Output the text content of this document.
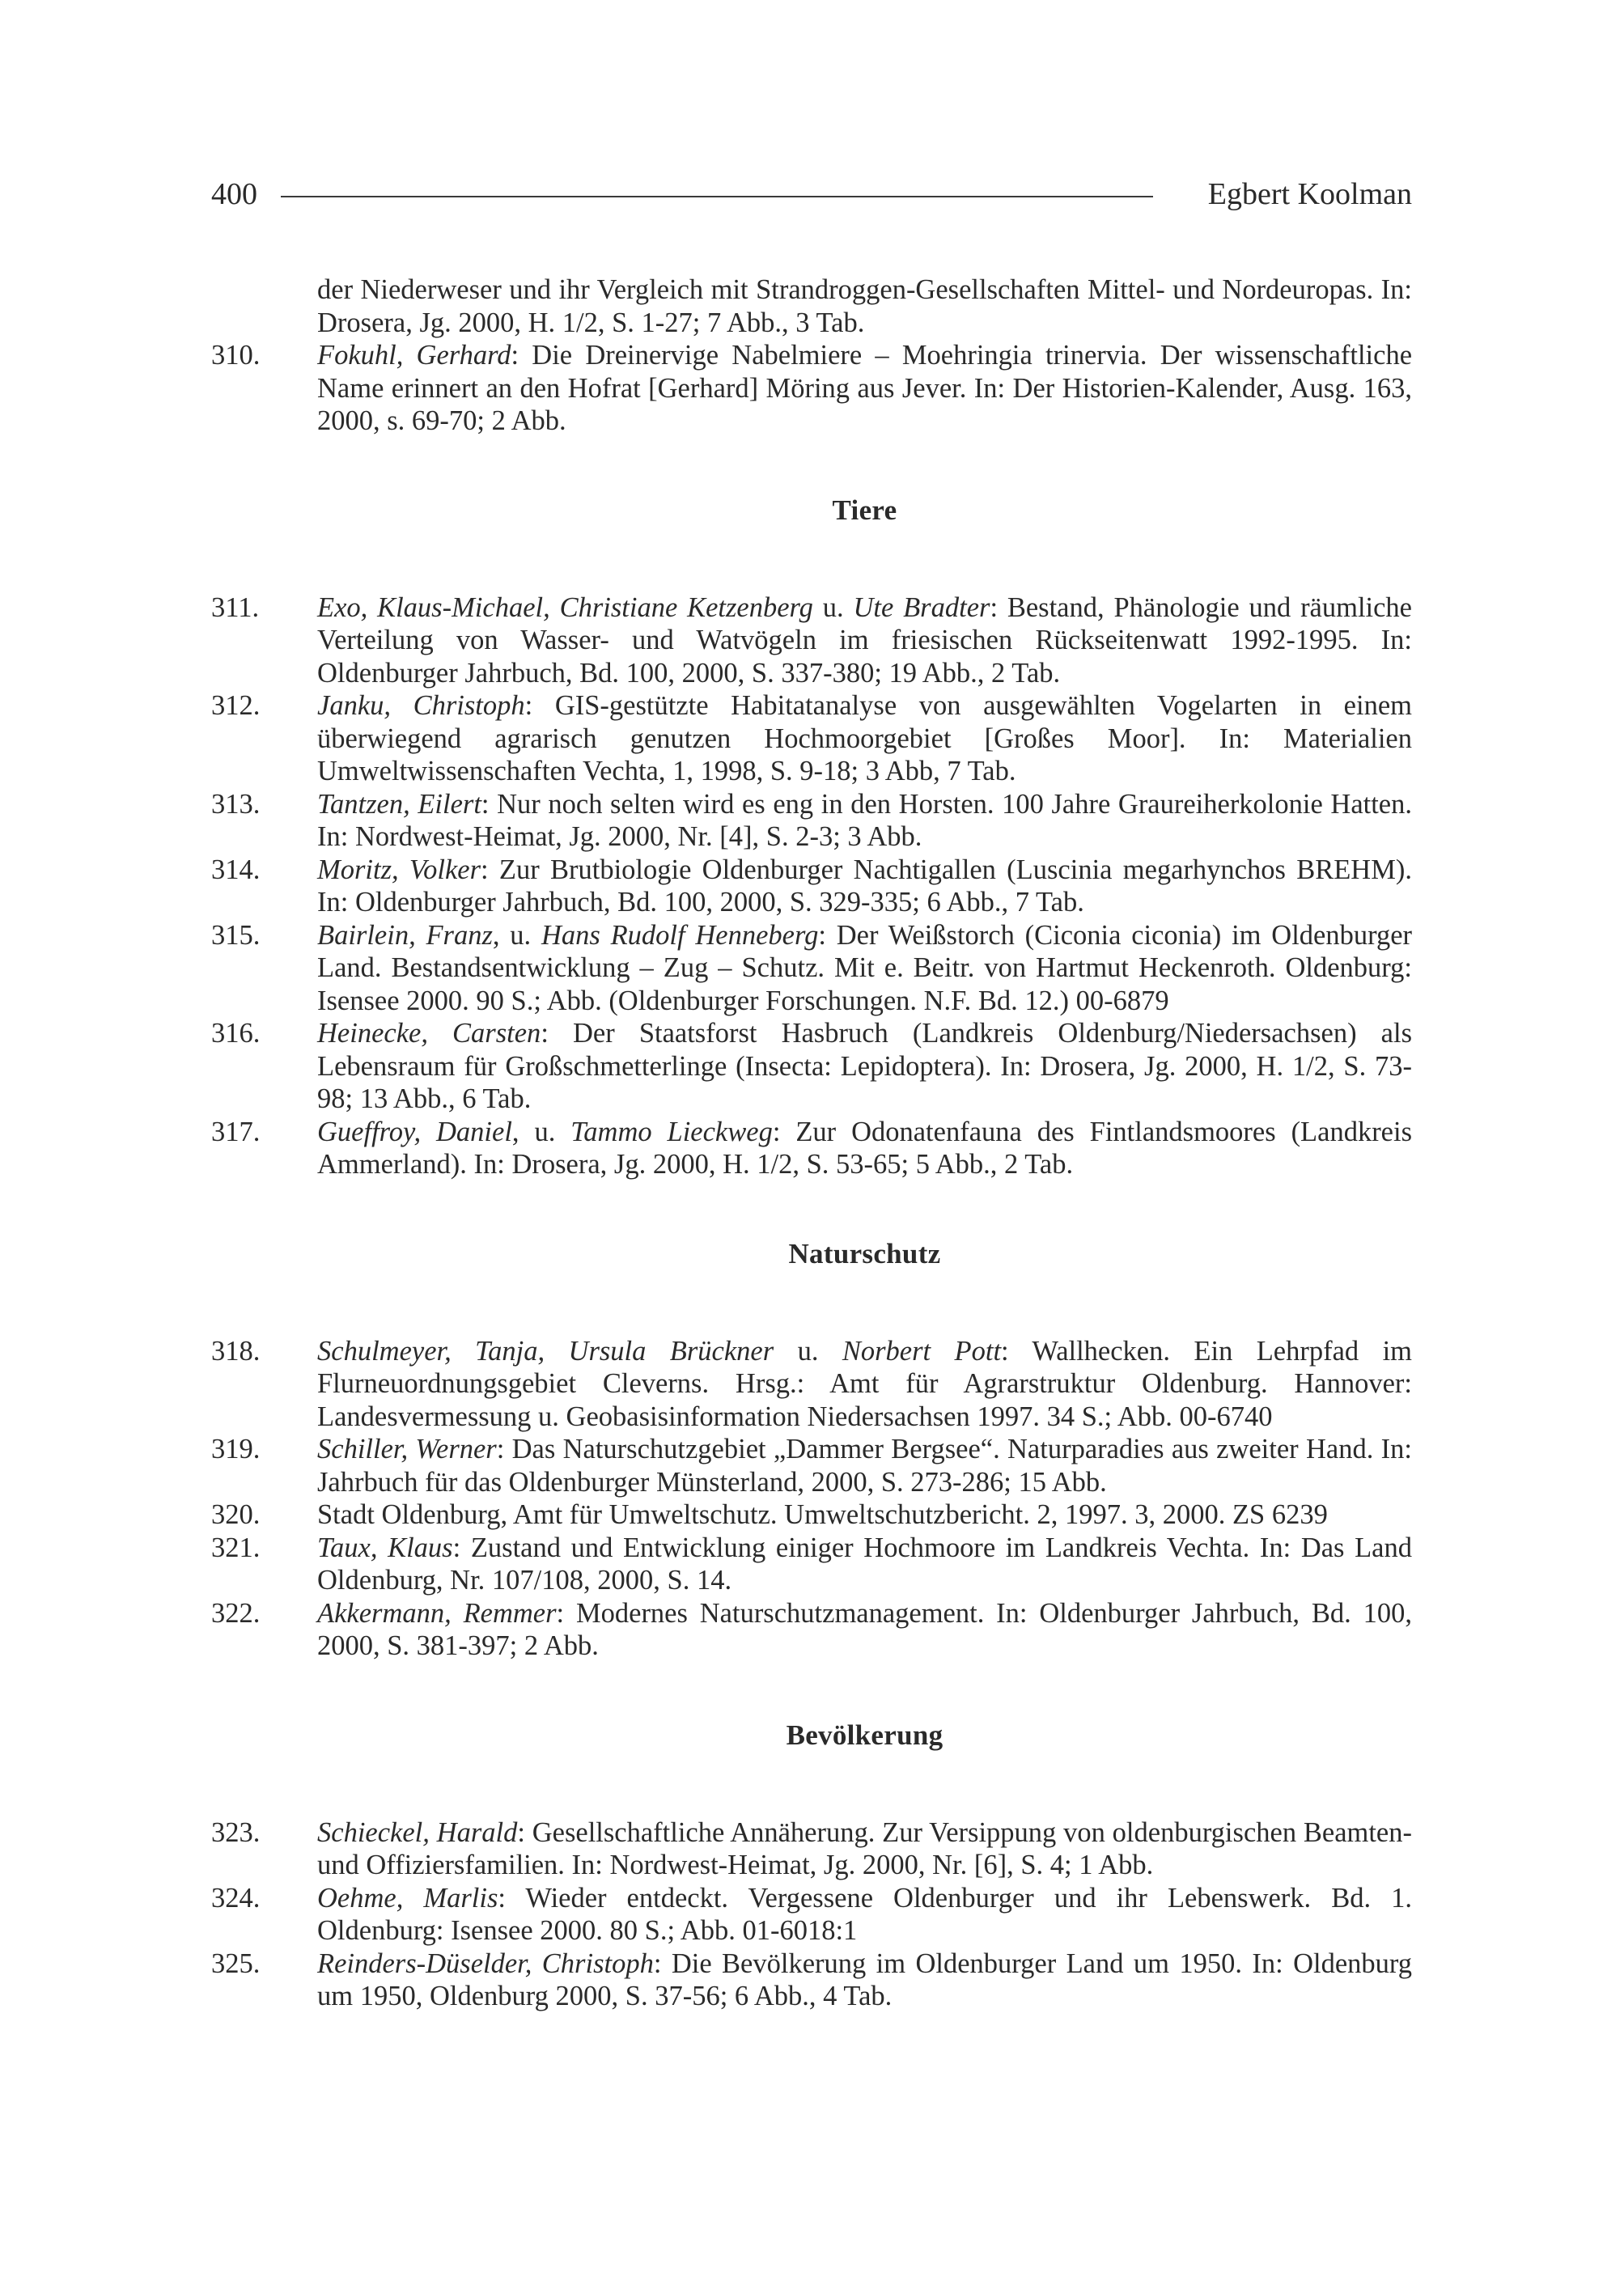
400	Egbert Koolman

der Niederweser und ihr Vergleich mit Strandroggen-Gesellschaften Mittel- und Nordeuropas. In: Drosera, Jg. 2000, H. 1/2, S. 1-27; 7 Abb., 3 Tab.

310. Fokuhl, Gerhard: Die Dreinervige Nabelmiere – Moehringia trinervia. Der wissenschaftliche Name erinnert an den Hofrat [Gerhard] Möring aus Jever. In: Der Historien-Kalender, Ausg. 163, 2000, s. 69-70; 2 Abb.

Tiere

311. Exo, Klaus-Michael, Christiane Ketzenberg u. Ute Bradter: Bestand, Phänologie und räumliche Verteilung von Wasser- und Watvögeln im friesischen Rückseitenwatt 1992-1995. In: Oldenburger Jahrbuch, Bd. 100, 2000, S. 337-380; 19 Abb., 2 Tab.

312. Janku, Christoph: GIS-gestützte Habitatanalyse von ausgewählten Vogelarten in einem überwiegend agrarisch genutzen Hochmoorgebiet [Großes Moor]. In: Materialien Umweltwissenschaften Vechta, 1, 1998, S. 9-18; 3 Abb, 7 Tab.

313. Tantzen, Eilert: Nur noch selten wird es eng in den Horsten. 100 Jahre Graureiherkolonie Hatten. In: Nordwest-Heimat, Jg. 2000, Nr. [4], S. 2-3; 3 Abb.

314. Moritz, Volker: Zur Brutbiologie Oldenburger Nachtigallen (Luscinia megarhynchos BREHM). In: Oldenburger Jahrbuch, Bd. 100, 2000, S. 329-335; 6 Abb., 7 Tab.

315. Bairlein, Franz, u. Hans Rudolf Henneberg: Der Weißstorch (Ciconia ciconia) im Oldenburger Land. Bestandsentwicklung – Zug – Schutz. Mit e. Beitr. von Hartmut Heckenroth. Oldenburg: Isensee 2000. 90 S.; Abb. (Oldenburger Forschungen. N.F. Bd. 12.) 00-6879

316. Heinecke, Carsten: Der Staatsforst Hasbruch (Landkreis Oldenburg/Niedersachsen) als Lebensraum für Großschmetterlinge (Insecta: Lepidoptera). In: Drosera, Jg. 2000, H. 1/2, S. 73-98; 13 Abb., 6 Tab.

317. Gueffroy, Daniel, u. Tammo Lieckweg: Zur Odonatenfauna des Fintlandsmoores (Landkreis Ammerland). In: Drosera, Jg. 2000, H. 1/2, S. 53-65; 5 Abb., 2 Tab.

Naturschutz

318. Schulmeyer, Tanja, Ursula Brückner u. Norbert Pott: Wallhecken. Ein Lehrpfad im Flurneuordnungsgebiet Cleverns. Hrsg.: Amt für Agrarstruktur Oldenburg. Hannover: Landesvermessung u. Geobasisinformation Niedersachsen 1997. 34 S.; Abb. 00-6740

319. Schiller, Werner: Das Naturschutzgebiet „Dammer Bergsee“. Naturparadies aus zweiter Hand. In: Jahrbuch für das Oldenburger Münsterland, 2000, S. 273-286; 15 Abb.

320. Stadt Oldenburg, Amt für Umweltschutz. Umweltschutzbericht. 2, 1997. 3, 2000. ZS 6239

321. Taux, Klaus: Zustand und Entwicklung einiger Hochmoore im Landkreis Vechta. In: Das Land Oldenburg, Nr. 107/108, 2000, S. 14.

322. Akkermann, Remmer: Modernes Naturschutzmanagement. In: Oldenburger Jahrbuch, Bd. 100, 2000, S. 381-397; 2 Abb.

Bevölkerung

323. Schieckel, Harald: Gesellschaftliche Annäherung. Zur Versippung von oldenburgischen Beamten- und Offiziersfamilien. In: Nordwest-Heimat, Jg. 2000, Nr. [6], S. 4; 1 Abb.

324. Oehme, Marlis: Wieder entdeckt. Vergessene Oldenburger und ihr Lebenswerk. Bd. 1. Oldenburg: Isensee 2000. 80 S.; Abb. 01-6018:1

325. Reinders-Düselder, Christoph: Die Bevölkerung im Oldenburger Land um 1950. In: Oldenburg um 1950, Oldenburg 2000, S. 37-56; 6 Abb., 4 Tab.
